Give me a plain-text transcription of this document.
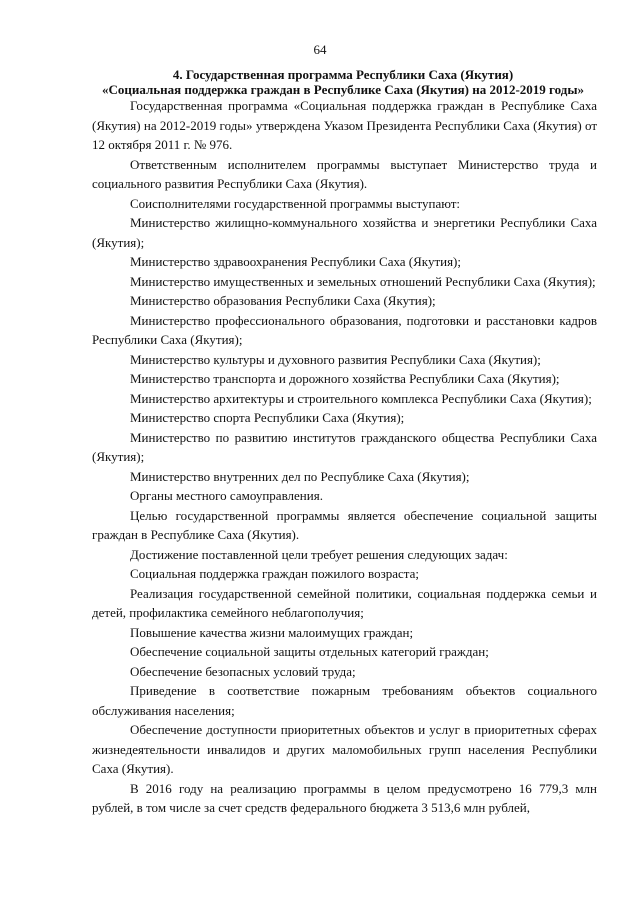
64
4. Государственная программа Республики Саха (Якутия)
«Социальная поддержка граждан в Республике Саха (Якутия) на 2012-2019 годы»

Государственная программа «Социальная поддержка граждан в Республике Саха (Якутия) на 2012-2019 годы» утверждена Указом Президента Республики Саха (Якутия) от 12 октября 2011 г. № 976.

Ответственным исполнителем программы выступает Министерство труда и социального развития Республики Саха (Якутия).

Соисполнителями государственной программы выступают:

Министерство жилищно-коммунального хозяйства и энергетики Республики Саха (Якутия);

Министерство здравоохранения Республики Саха (Якутия);

Министерство имущественных и земельных отношений Республики Саха (Якутия);

Министерство образования Республики Саха (Якутия);

Министерство профессионального образования, подготовки и расстановки кадров Республики Саха (Якутия);

Министерство культуры и духовного развития Республики Саха (Якутия);

Министерство транспорта и дорожного хозяйства Республики Саха (Якутия);

Министерство архитектуры и строительного комплекса Республики Саха (Якутия);

Министерство спорта Республики Саха (Якутия);

Министерство по развитию институтов гражданского общества Республики Саха (Якутия);

Министерство внутренних дел по Республике Саха (Якутия);

Органы местного самоуправления.

Целью государственной программы является обеспечение социальной защиты граждан в Республике Саха (Якутия).

Достижение поставленной цели требует решения следующих задач:

Социальная поддержка граждан пожилого возраста;

Реализация государственной семейной политики, социальная поддержка семьи и детей, профилактика семейного неблагополучия;

Повышение качества жизни малоимущих граждан;

Обеспечение социальной защиты отдельных категорий граждан;

Обеспечение безопасных условий труда;

Приведение в соответствие пожарным требованиям объектов социального обслуживания населения;

Обеспечение доступности приоритетных объектов и услуг в приоритетных сферах жизнедеятельности инвалидов и других маломобильных групп населения Республики Саха (Якутия).

В 2016 году на реализацию программы в целом предусмотрено 16 779,3 млн рублей, в том числе за счет средств федерального бюджета 3 513,6 млн рублей,
